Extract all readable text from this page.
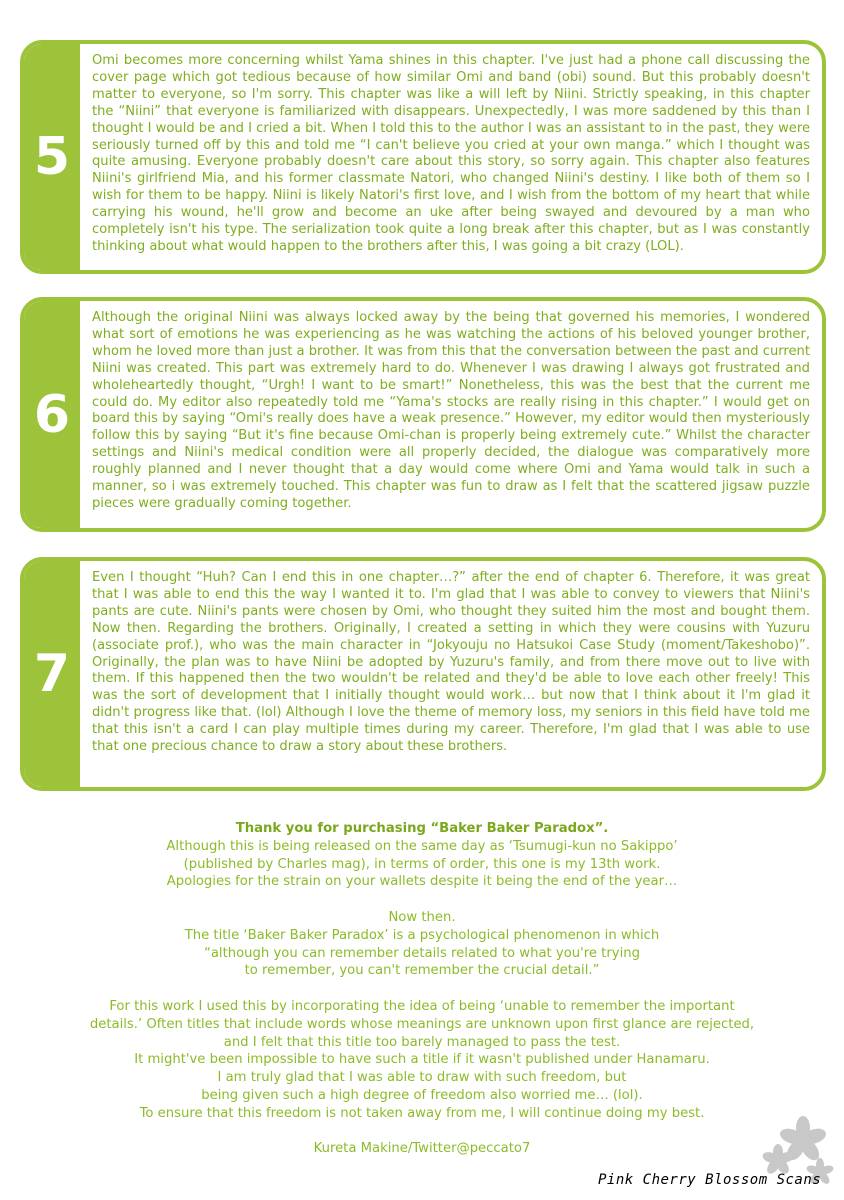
5

Omi becomes more concerning whilst Yama shines in this chapter. I've just had a phone call discussing the cover page which got tedious because of how similar Omi and band (obi) sound. But this probably doesn't matter to everyone, so I'm sorry. This chapter was like a will left by Niini. Strictly speaking, in this chapter the “Niini” that everyone is familiarized with disappears. Unexpectedly, I was more saddened by this than I thought I would be and I cried a bit. When I told this to the author I was an assistant to in the past, they were seriously turned off by this and told me “I can't believe you cried at your own manga.” which I thought was quite amusing. Everyone probably doesn't care about this story, so sorry again. This chapter also features Niini's girlfriend Mia, and his former classmate Natori, who changed Niini's destiny. I like both of them so I wish for them to be happy. Niini is likely Natori's first love, and I wish from the bottom of my heart that while carrying his wound, he'll grow and become an uke after being swayed and devoured by a man who completely isn't his type. The serialization took quite a long break after this chapter, but as I was constantly thinking about what would happen to the brothers after this, I was going a bit crazy (LOL).

6

Although the original Niini was always locked away by the being that governed his memories, I wondered what sort of emotions he was experiencing as he was watching the actions of his beloved younger brother, whom he loved more than just a brother. It was from this that the conversation between the past and current Niini was created. This part was extremely hard to do. Whenever I was drawing I always got frustrated and wholeheartedly thought, “Urgh! I want to be smart!” Nonetheless, this was the best that the current me could do. My editor also repeatedly told me “Yama's stocks are really rising in this chapter.” I would get on board this by saying “Omi's really does have a weak presence.” However, my editor would then mysteriously follow this by saying “But it's fine because Omi-chan is properly being extremely cute.” Whilst the character settings and Niini's medical condition were all properly decided, the dialogue was comparatively more roughly planned and I never thought that a day would come where Omi and Yama would talk in such a manner, so i was extremely touched. This chapter was fun to draw as I felt that the scattered jigsaw puzzle pieces were gradually coming together.

7

Even I thought “Huh? Can I end this in one chapter…?” after the end of chapter 6. Therefore, it was great that I was able to end this the way I wanted it to. I'm glad that I was able to convey to viewers that Niini's pants are cute. Niini's pants were chosen by Omi, who thought they suited him the most and bought them. Now then. Regarding the brothers. Originally, I created a setting in which they were cousins with Yuzuru (associate prof.), who was the main character in “Jokyouju no Hatsukoi Case Study (moment/Takeshobo)”. Originally, the plan was to have Niini be adopted by Yuzuru's family, and from there move out to live with them. If this happened then the two wouldn't be related and they'd be able to love each other freely! This was the sort of development that I initially thought would work… but now that I think about it I'm glad it didn't progress like that. (lol) Although I love the theme of memory loss, my seniors in this field have told me that this isn't a card I can play multiple times during my career. Therefore, I'm glad that I was able to use that one precious chance to draw a story about these brothers.

Thank you for purchasing “Baker Baker Paradox”.

Although this is being released on the same day as ‘Tsumugi-kun no Sakippo’

(published by Charles mag), in terms of order, this one is my 13th work.

Apologies for the strain on your wallets despite it being the end of the year…

Now then.

The title ‘Baker Baker Paradox’ is a psychological phenomenon in which

“although you can remember details related to what you're trying

to remember, you can't remember the crucial detail.”

For this work I used this by incorporating the idea of being ‘unable to remember the important

details.’ Often titles that include words whose meanings are unknown upon first glance are rejected,

and I felt that this title too barely managed to pass the test.

It might've been impossible to have such a title if it wasn't published under Hanamaru.

I am truly glad that I was able to draw with such freedom, but

being given such a high degree of freedom also worried me… (lol).

To ensure that this freedom is not taken away from me, I will continue doing my best.

Kureta Makine/Twitter@peccato7
Pink Cherry Blossom Scans
